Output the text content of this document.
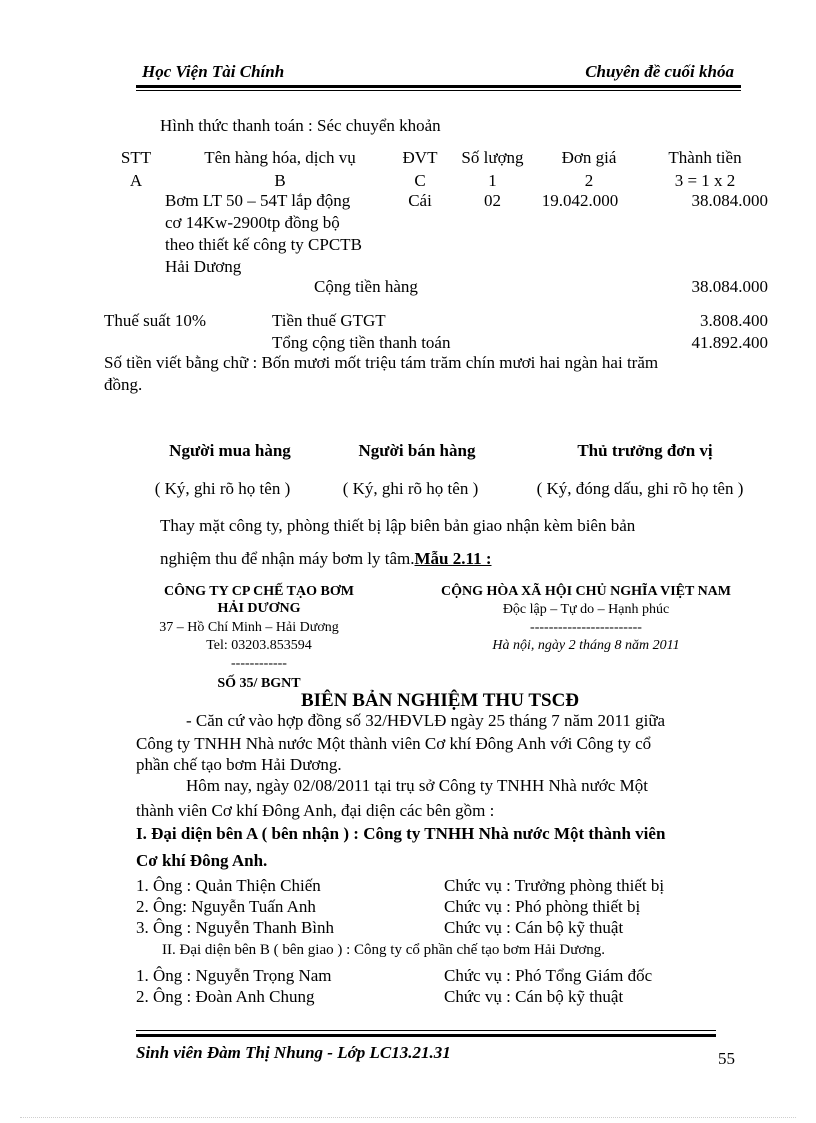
Học Viện Tài Chính	Chuyên đề cuối khóa
Hình thức thanh toán : Séc chuyển khoản
STT	Tên hàng hóa, dịch vụ	ĐVT	Số lượng	Đơn giá	Thành tiền
A	B	C	1	2	3 = 1 x 2
Bơm LT 50 – 54T lắp động
cơ 14Kw-2900tp đồng bộ
theo thiết kế công ty CPCTB
Hải Dương
Cái	02	19.042.000	38.084.000
Cộng tiền hàng	38.084.000
Thuế suất 10%	Tiền thuế GTGT	3.808.400
Tổng cộng tiền thanh toán	41.892.400
Số tiền viết bằng chữ : Bốn mươi mốt triệu tám trăm chín mươi hai ngàn hai trăm
đồng.
Người mua hàng	Người bán hàng	Thủ trưởng đơn vị
( Ký, ghi rõ họ tên )	( Ký, ghi rõ họ tên )	( Ký, đóng dấu, ghi rõ họ tên )
Thay mặt công ty, phòng thiết bị lập biên bản giao nhận kèm biên bản
nghiệm thu để nhận máy bơm ly tâm.Mẫu 2.11 :
CÔNG TY CP CHẾ TẠO BƠM
HẢI DƯƠNG
37 – Hồ Chí Minh – Hải Dương
Tel: 03203.853594
------------
SỐ 35/ BGNT
CỘNG HÒA XÃ HỘI CHỦ NGHĨA VIỆT NAM
Độc lập – Tự do – Hạnh phúc
------------------------
Hà nội, ngày 2 tháng 8 năm 2011
BIÊN BẢN NGHIỆM THU TSCĐ
- Căn cứ vào hợp đồng số 32/HĐVLĐ ngày 25 tháng 7 năm 2011 giữa
Công ty TNHH Nhà nước Một thành viên Cơ khí Đông Anh với Công ty cổ
phần chế tạo bơm Hải Dương.
Hôm nay, ngày 02/08/2011 tại trụ sở Công ty TNHH Nhà nước Một
thành viên Cơ khí Đông Anh, đại diện các bên gồm :
I. Đại diện bên A ( bên nhận ) : Công ty TNHH Nhà nước Một thành viên
Cơ khí Đông Anh.
1. Ông : Quản Thiện Chiến	Chức vụ : Trưởng phòng thiết bị
2. Ông: Nguyễn Tuấn Anh	Chức vụ : Phó phòng thiết bị
3. Ông : Nguyễn Thanh Bình	Chức vụ : Cán bộ kỹ thuật
II. Đại diện bên B ( bên giao ) : Công ty cổ phần chế tạo bơm Hải Dương.
1. Ông : Nguyễn Trọng Nam	Chức vụ : Phó Tổng Giám đốc
2. Ông : Đoàn Anh Chung	Chức vụ : Cán bộ kỹ thuật
Sinh viên Đàm Thị Nhung - Lớp LC13.21.31	55
